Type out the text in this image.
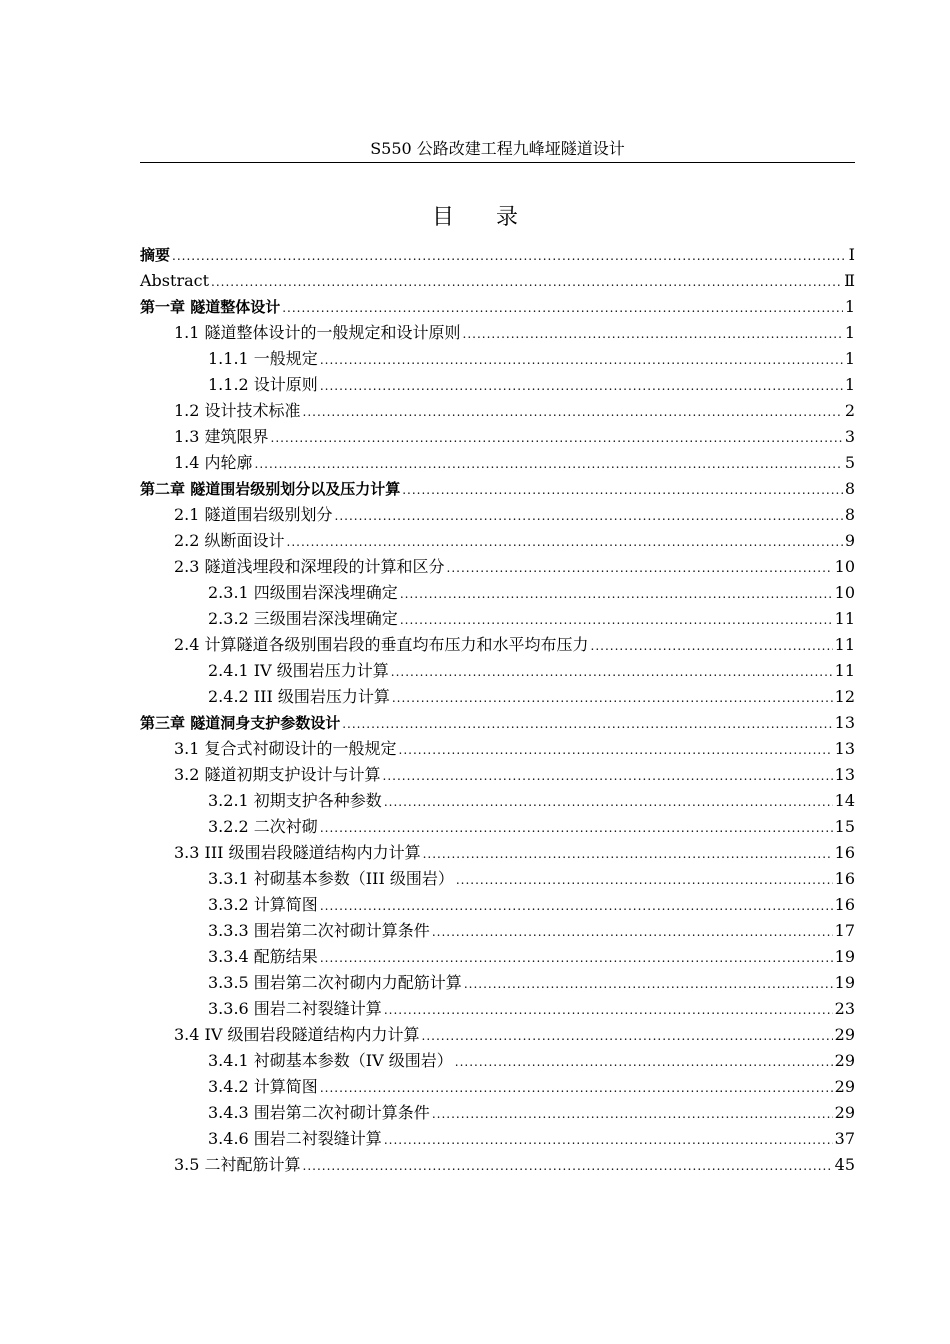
S550 公路改建工程九峰垭隧道设计
目录
摘要 .....	Ⅰ
Abstract .....	Ⅱ
第一章 隧道整体设计 .....	1
1.1 隧道整体设计的一般规定和设计原则 .....	1
1.1.1 一般规定 .....	1
1.1.2 设计原则 .....	1
1.2 设计技术标准 .....	2
1.3 建筑限界 .....	3
1.4 内轮廓 .....	5
第二章 隧道围岩级别划分以及压力计算 .....	8
2.1 隧道围岩级别划分 .....	8
2.2 纵断面设计 .....	9
2.3 隧道浅埋段和深埋段的计算和区分 .....	10
2.3.1 四级围岩深浅埋确定 .....	10
2.3.2 三级围岩深浅埋确定 .....	11
2.4 计算隧道各级别围岩段的垂直均布压力和水平均布压力 .....	11
2.4.1 IV 级围岩压力计算 .....	11
2.4.2 III 级围岩压力计算 .....	12
第三章 隧道洞身支护参数设计 .....	13
3.1 复合式衬砌设计的一般规定 .....	13
3.2 隧道初期支护设计与计算 .....	13
3.2.1 初期支护各种参数 .....	14
3.2.2 二次衬砌 .....	15
3.3 III 级围岩段隧道结构内力计算 .....	16
3.3.1 衬砌基本参数（III 级围岩） .....	16
3.3.2 计算简图 .....	16
3.3.3 围岩第二次衬砌计算条件 .....	17
3.3.4 配筋结果 .....	19
3.3.5 围岩第二次衬砌内力配筋计算 .....	19
3.3.6 围岩二衬裂缝计算 .....	23
3.4 IV 级围岩段隧道结构内力计算 .....	29
3.4.1 衬砌基本参数（IV 级围岩） .....	29
3.4.2 计算简图 .....	29
3.4.3 围岩第二次衬砌计算条件 .....	29
3.4.6 围岩二衬裂缝计算 .....	37
3.5 二衬配筋计算 .....	45
